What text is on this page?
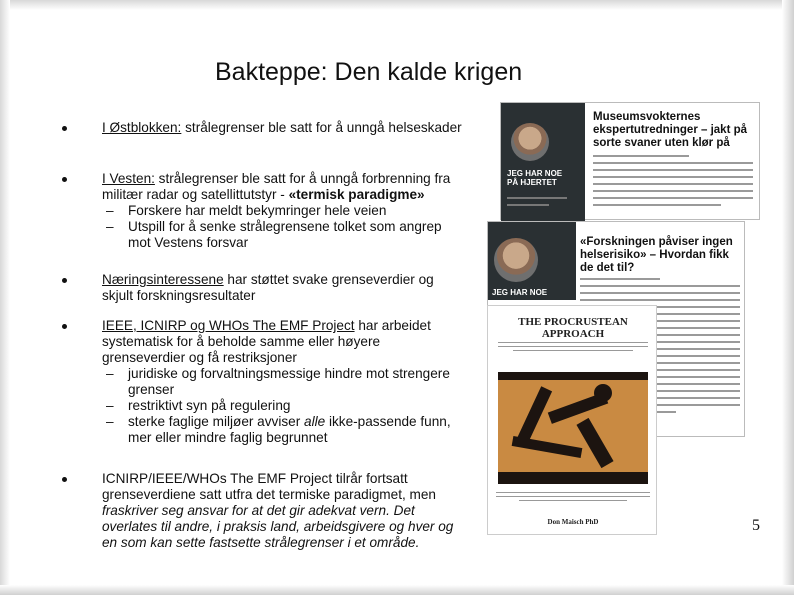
Bakteppe: Den kalde krigen
I Østblokken: strålegrenser ble satt for å unngå helseskader
I Vesten: strålegrenser ble satt for å unngå forbrenning fra militær radar og satellittutstyr - «termisk paradigme»
– Forskere har meldt bekymringer hele veien
– Utspill for å senke strålegrensene tolket som angrep mot Vestens forsvar
Næringsinteressene har støttet svake grenseverdier og skjult forskningsresultater
IEEE, ICNIRP og WHOs The EMF Project har arbeidet systematisk for å beholde samme eller høyere grenseverdier og få restriksjoner
– juridiske og forvaltningsmessige hindre mot strengere grenser
– restriktivt syn på regulering
– sterke faglige miljøer avviser alle ikke-passende funn, mer eller mindre faglig begrunnet
ICNIRP/IEEE/WHOs The EMF Project tilrår fortsatt grenseverdiene satt utfra det termiske paradigmet, men fraskriver seg ansvar for at det gir adekvat vern. Det overlates til andre, i praksis land, arbeidsgivere og hver og en som kan sette fastsette strålegrenser i et område.
JEG HAR NOE PÅ HJERTET
Museumsvokternes ekspertutredninger – jakt på sorte svaner uten klør på
JEG HAR NOE
«Forskningen påviser ingen helserisiko» – Hvordan fikk de det til?
THE PROCRUSTEAN APPROACH
Don Maisch PhD	5
